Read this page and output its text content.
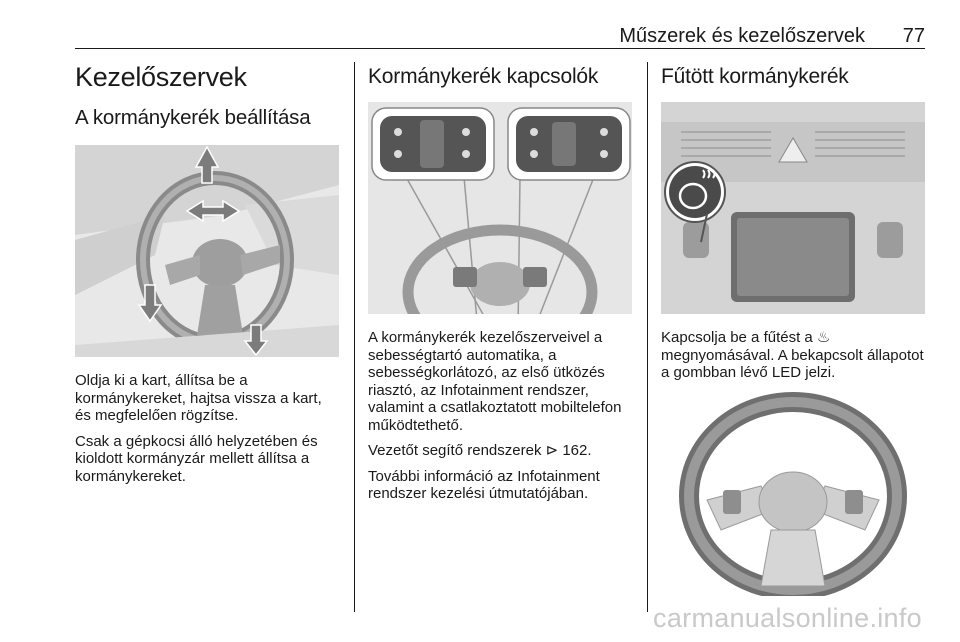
Műszerek és kezelőszervek 77
Kezelőszervek
A kormánykerék beállítása

Oldja ki a kart, állítsa be a kormánykereket, hajtsa vissza a kart, és megfelelően rögzítse.

Csak a gépkocsi álló helyzetében és kioldott kormányzár mellett állítsa a kormánykereket.

Kormánykerék kapcsolók

A kormánykerék kezelőszerveivel a sebességtartó automatika, a sebességkorlátozó, az első ütközés riasztó, az Infotainment rendszer, valamint a csatlakoztatott mobiltelefon működtethető.

Vezetőt segítő rendszerek ⊳ 162.

További információ az Infotainment rendszer kezelési útmutatójában.

Fűtött kormánykerék

Kapcsolja be a fűtést a ♨ megnyomásával. A bekapcsolt állapotot a gombban lévő LED jelzi.

carmanualsonline.info
